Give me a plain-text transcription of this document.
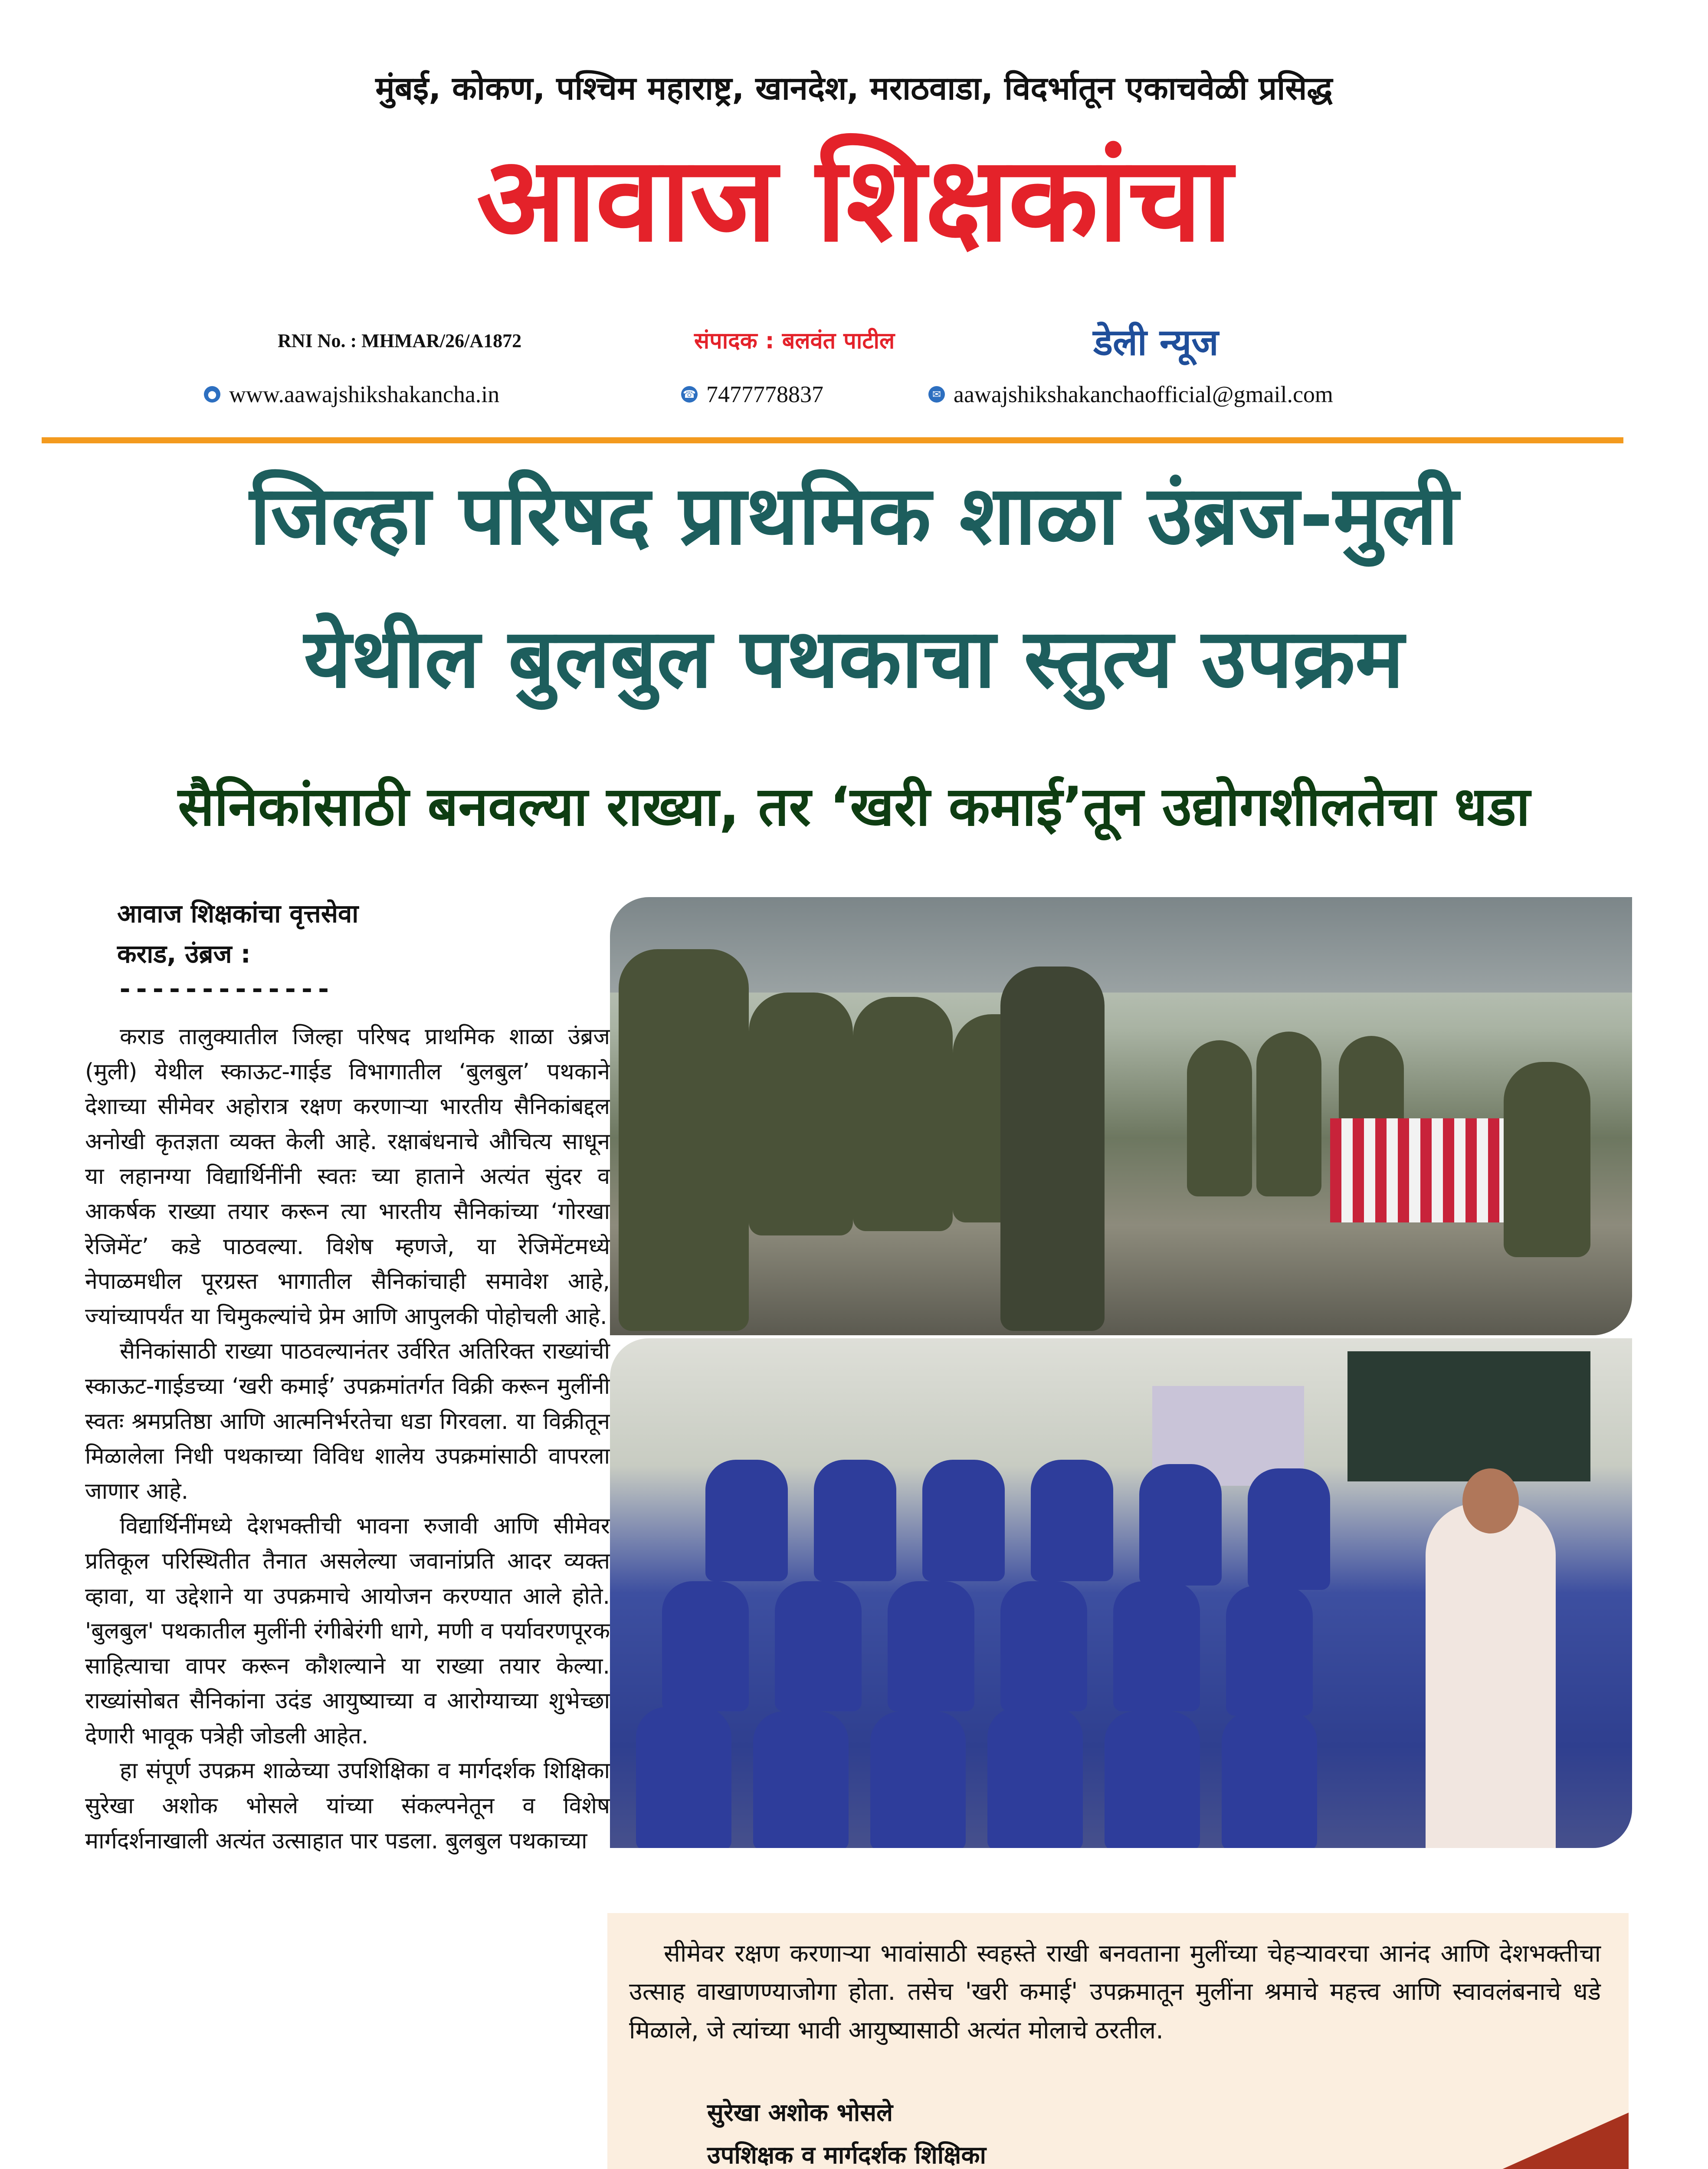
मुंबई, कोकण, पश्चिम महाराष्ट्र, खानदेश, मराठवाडा, विदर्भातून एकाचवेळी प्रसिद्ध
आवाज शिक्षकांचा
RNI No. : MHMAR/26/A1872	संपादक : बलवंत पाटील	डेली न्यूज
● www.aawajshikshakancha.in	☎ 7477778837	✉ aawajshikshakanchaofficial@gmail.com
जिल्हा परिषद प्राथमिक शाळा उंब्रज-मुली
येथील बुलबुल पथकाचा स्तुत्य उपक्रम
सैनिकांसाठी बनवल्या राख्या, तर ‘खरी कमाई’तून उद्योगशीलतेचा धडा
आवाज शिक्षकांचा वृत्तसेवा
कराड, उंब्रज :
-------------

कराड तालुक्यातील जिल्हा परिषद प्राथमिक शाळा उंब्रज (मुली) येथील स्काऊट-गाईड विभागातील ‘बुलबुल’ पथकाने देशाच्या सीमेवर अहोरात्र रक्षण करणाऱ्या भारतीय सैनिकांबद्दल अनोखी कृतज्ञता व्यक्त केली आहे. रक्षाबंधनाचे औचित्य साधून या लहानग्या विद्यार्थिनींनी स्वतः च्या हाताने अत्यंत सुंदर व आकर्षक राख्या तयार करून त्या भारतीय सैनिकांच्या ‘गोरखा रेजिमेंट’ कडे पाठवल्या. विशेष म्हणजे, या रेजिमेंटमध्ये नेपाळमधील पूरग्रस्त भागातील सैनिकांचाही समावेश आहे, ज्यांच्यापर्यंत या चिमुकल्यांचे प्रेम आणि आपुलकी पोहोचली आहे.

सैनिकांसाठी राख्या पाठवल्यानंतर उर्वरित अतिरिक्त राख्यांची स्काऊट-गाईडच्या ‘खरी कमाई’ उपक्रमांतर्गत विक्री करून मुलींनी स्वतः श्रमप्रतिष्ठा आणि आत्मनिर्भरतेचा धडा गिरवला. या विक्रीतून मिळालेला निधी पथकाच्या विविध शालेय उपक्रमांसाठी वापरला जाणार आहे.

विद्यार्थिनींमध्ये देशभक्तीची भावना रुजावी आणि सीमेवर प्रतिकूल परिस्थितीत तैनात असलेल्या जवानांप्रति आदर व्यक्त व्हावा, या उद्देशाने या उपक्रमाचे आयोजन करण्यात आले होते. 'बुलबुल' पथकातील मुलींनी रंगीबेरंगी धागे, मणी व पर्यावरणपूरक साहित्याचा वापर करून कौशल्याने या राख्या तयार केल्या. राख्यांसोबत सैनिकांना उदंड आयुष्याच्या व आरोग्याच्या शुभेच्छा देणारी भावूक पत्रेही जोडली आहेत.

हा संपूर्ण उपक्रम शाळेच्या उपशिक्षिका व मार्गदर्शक शिक्षिका सुरेखा अशोक भोसले यांच्या संकल्पनेतून व विशेष मार्गदर्शनाखाली अत्यंत उत्साहात पार पडला. बुलबुल पथकाच्या

सीमेवर रक्षण करणाऱ्या भावांसाठी स्वहस्ते राखी बनवताना मुलींच्या चेहऱ्यावरचा आनंद आणि देशभक्तीचा उत्साह वाखाणण्याजोगा होता. तसेच 'खरी कमाई' उपक्रमातून मुलींना श्रमाचे महत्त्व आणि स्वावलंबनाचे धडे मिळाले, जे त्यांच्या भावी आयुष्यासाठी अत्यंत मोलाचे ठरतील.
सुरेखा अशोक भोसले
उपशिक्षक व मार्गदर्शक शिक्षिका
